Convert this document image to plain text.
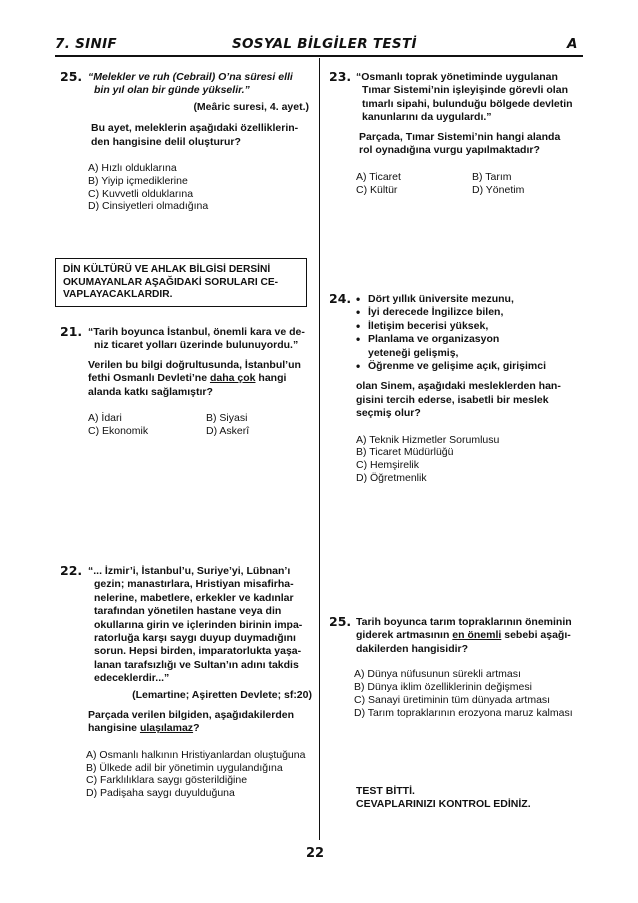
7. SINIF	SOSYAL BİLGİLER TESTİ	A
25. “Melekler ve ruh (Cebrail) O’na süresi elli
bin yıl olan bir günde yükselir.”
(Meâric suresi, 4. ayet.)
Bu ayet, meleklerin aşağıdaki özelliklerin-
den hangisine delil oluşturur?
A) Hızlı olduklarına
B) Yiyip içmediklerine
C) Kuvvetli olduklarına
D) Cinsiyetleri olmadığına
DİN KÜLTÜRÜ VE AHLAK BİLGİSİ DERSİNİ
OKUMAYANLAR AŞAĞIDAKİ SORULARI CE-
VAPLAYACAKLARDIR.
21. “Tarih boyunca İstanbul, önemli kara ve de-
niz ticaret yolları üzerinde bulunuyordu.”
Verilen bu bilgi doğrultusunda, İstanbul’un
fethi Osmanlı Devleti’ne daha çok hangi
alanda katkı sağlamıştır?
A) İdari	B) Siyasi
C) Ekonomik	D) Askerî
22. “... İzmir’i, İstanbul’u, Suriye’yi, Lübnan’ı
gezin; manastırlara, Hristiyan misafirha-
nelerine, mabetlere, erkekler ve kadınlar
tarafından yönetilen hastane veya din
okullarına girin ve içlerinden birinin impa-
ratorluğa karşı saygı duyup duymadığını
sorun. Hepsi birden, imparatorlukta yaşa-
lanan tarafsızlığı ve Sultan’ın adını takdis
edeceklerdir...”
(Lemartine; Aşiretten Devlete; sf:20)
Parçada verilen bilgiden, aşağıdakilerden
hangisine ulaşılamaz?
A) Osmanlı halkının Hristiyanlardan oluştuğuna
B) Ülkede adil bir yönetimin uygulandığına
C) Farklılıklara saygı gösterildiğine
D) Padişaha saygı duyulduğuna
23. “Osmanlı toprak yönetiminde uygulanan
Tımar Sistemi’nin işleyişinde görevli olan
tımarlı sipahi, bulunduğu bölgede devletin
kanunlarını da uygulardı.”
Parçada, Tımar Sistemi’nin hangi alanda
rol oynadığına vurgu yapılmaktadır?
A) Ticaret	B) Tarım
C) Kültür	D) Yönetim
24.
•	Dört yıllık üniversite mezunu,
• İyi derecede İngilizce bilen,
• İletişim becerisi yüksek,
• Planlama ve organizasyon yeteneği gelişmiş,
• Öğrenme ve gelişime açık, girişimci
olan Sinem, aşağıdaki mesleklerden han-
gisini tercih ederse, isabetli bir meslek
seçmiş olur?
A) Teknik Hizmetler Sorumlusu
B) Ticaret Müdürlüğü
C) Hemşirelik
D) Öğretmenlik
25. Tarih boyunca tarım topraklarının öneminin
giderek artmasının en önemli sebebi aşağı-
dakilerden hangisidir?
A) Dünya nüfusunun sürekli artması
B) Dünya iklim özelliklerinin değişmesi
C) Sanayi üretiminin tüm dünyada artması
D) Tarım topraklarının erozyona maruz kalması
TEST BİTTİ.
CEVAPLARINIZI KONTROL EDİNİZ.
22
